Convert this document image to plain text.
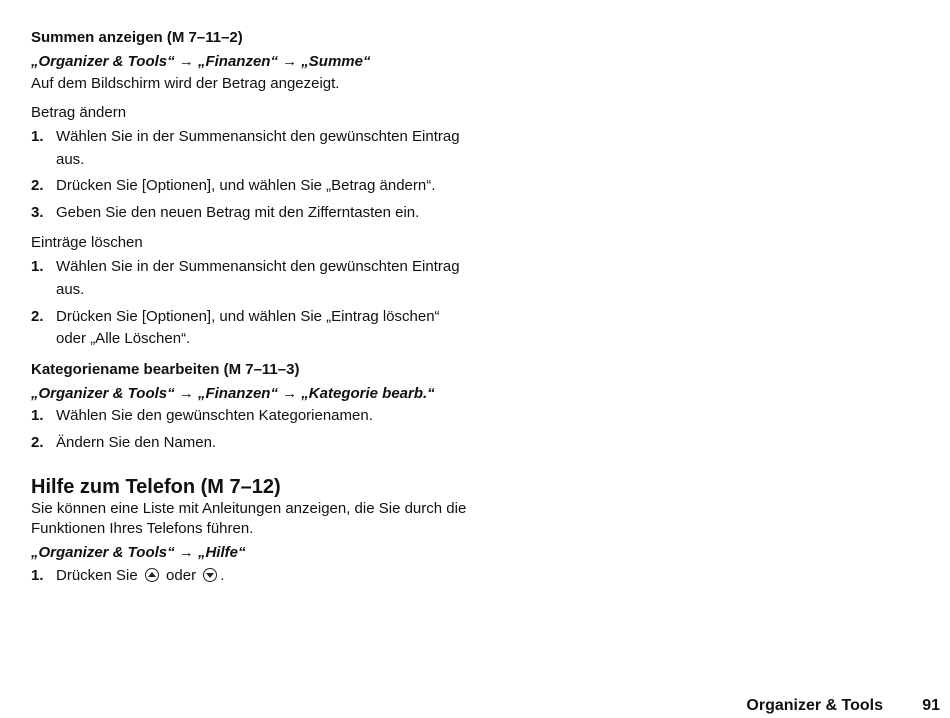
Summen anzeigen (M 7–11–2)
„Organizer & Tools“ → „Finanzen“ → „Summe“
Auf dem Bildschirm wird der Betrag angezeigt.
Betrag ändern
1. Wählen Sie in der Summenansicht den gewünschten Eintrag
aus.
2. Drücken Sie [Optionen], und wählen Sie „Betrag ändern“.
3. Geben Sie den neuen Betrag mit den Zifferntasten ein.
Einträge löschen
1. Wählen Sie in der Summenansicht den gewünschten Eintrag
aus.
2. Drücken Sie [Optionen], und wählen Sie „Eintrag löschen“
oder „Alle Löschen“.
Kategoriename bearbeiten (M 7–11–3)
„Organizer & Tools“ → „Finanzen“ → „Kategorie bearb.“
1. Wählen Sie den gewünschten Kategorienamen.
2. Ändern Sie den Namen.
Hilfe zum Telefon (M 7–12)
Sie können eine Liste mit Anleitungen anzeigen, die Sie durch die
Funktionen Ihres Telefons führen.
„Organizer & Tools“ → „Hilfe“
1. Drücken Sie oder .
Organizer & Tools 91
